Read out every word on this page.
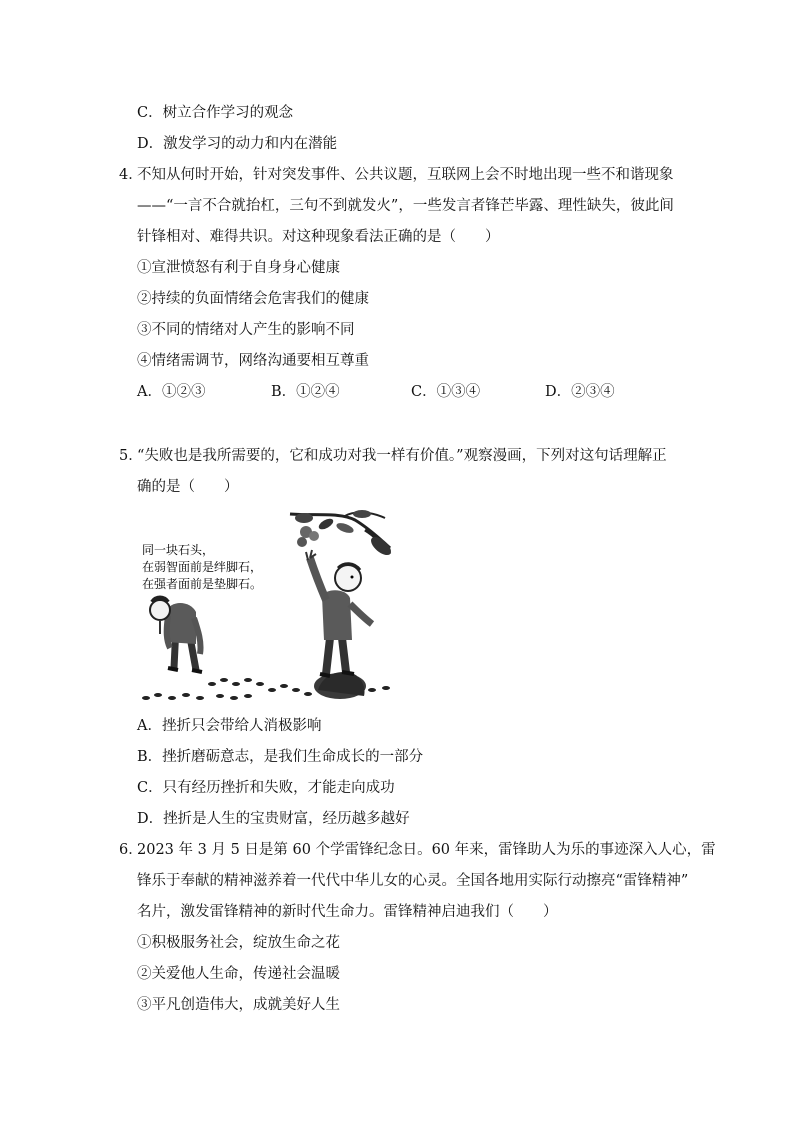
C．树立合作学习的观念
D．激发学习的动力和内在潜能
4．
不知从何时开始，针对突发事件、公共议题，互联网上会不时地出现一些不和谐现象
——“一言不合就抬杠，三句不到就发火”，一些发言者锋芒毕露、理性缺失，彼此间
针锋相对、难得共识。对这种现象看法正确的是（　　）
①宣泄愤怒有利于自身身心健康
②持续的负面情绪会危害我们的健康
③不同的情绪对人产生的影响不同
④情绪需调节，网络沟通要相互尊重
A．①②③	B．①②④	C．①③④	D．②③④
5．
“失败也是我所需要的，它和成功对我一样有价值。”观察漫画，下列对这句话理解正
确的是（　　）
同一块石头，
在弱智面前是绊脚石，
在强者面前是垫脚石。
A．挫折只会带给人消极影响
B．挫折磨砺意志，是我们生命成长的一部分
C．只有经历挫折和失败，才能走向成功
D．挫折是人生的宝贵财富，经历越多越好
6．
2023 年 3 月 5 日是第 60 个学雷锋纪念日。60 年来，雷锋助人为乐的事迹深入人心，雷
锋乐于奉献的精神滋养着一代代中华儿女的心灵。全国各地用实际行动擦亮“雷锋精神”
名片，激发雷锋精神的新时代生命力。雷锋精神启迪我们（　　）
①积极服务社会，绽放生命之花
②关爱他人生命，传递社会温暖
③平凡创造伟大，成就美好人生
